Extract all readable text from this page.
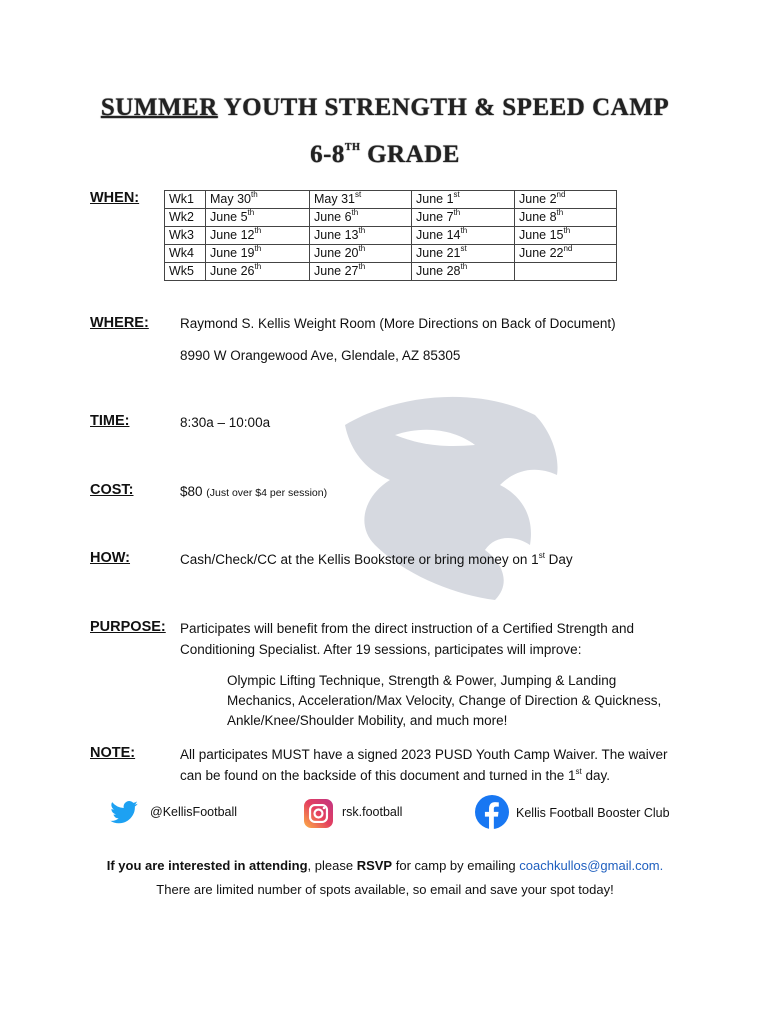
SUMMER YOUTH STRENGTH & SPEED CAMP
6-8TH GRADE
WHEN: Wk1	May 30th	May 31st	June 1st	June 2nd
Wk2	June 5th	June 6th	June 7th	June 8th
Wk3	June 12th	June 13th	June 14th	June 15th
Wk4	June 19th	June 20th	June 21st	June 22nd
Wk5	June 26th	June 27th	June 28th	
WHERE: Raymond S. Kellis Weight Room (More Directions on Back of Document)
8990 W Orangewood Ave, Glendale, AZ 85305
TIME:	8:30a – 10:00a
COST:	$80 (Just over $4 per session)
HOW:	Cash/Check/CC at the Kellis Bookstore or bring money on 1st Day
PURPOSE: Participates will benefit from the direct instruction of a Certified Strength and
Conditioning Specialist. After 19 sessions, participates will improve:
Olympic Lifting Technique, Strength & Power, Jumping & Landing
Mechanics, Acceleration/Max Velocity, Change of Direction & Quickness,
Ankle/Knee/Shoulder Mobility, and much more!
NOTE:	All participates MUST have a signed 2023 PUSD Youth Camp Waiver. The waiver
can be found on the backside of this document and turned in the 1st day.
@KellisFootball	rsk.football	Kellis Football Booster Club
If you are interested in attending, please RSVP for camp by emailing coachkullos@gmail.com.
There are limited number of spots available, so email and save your spot today!
